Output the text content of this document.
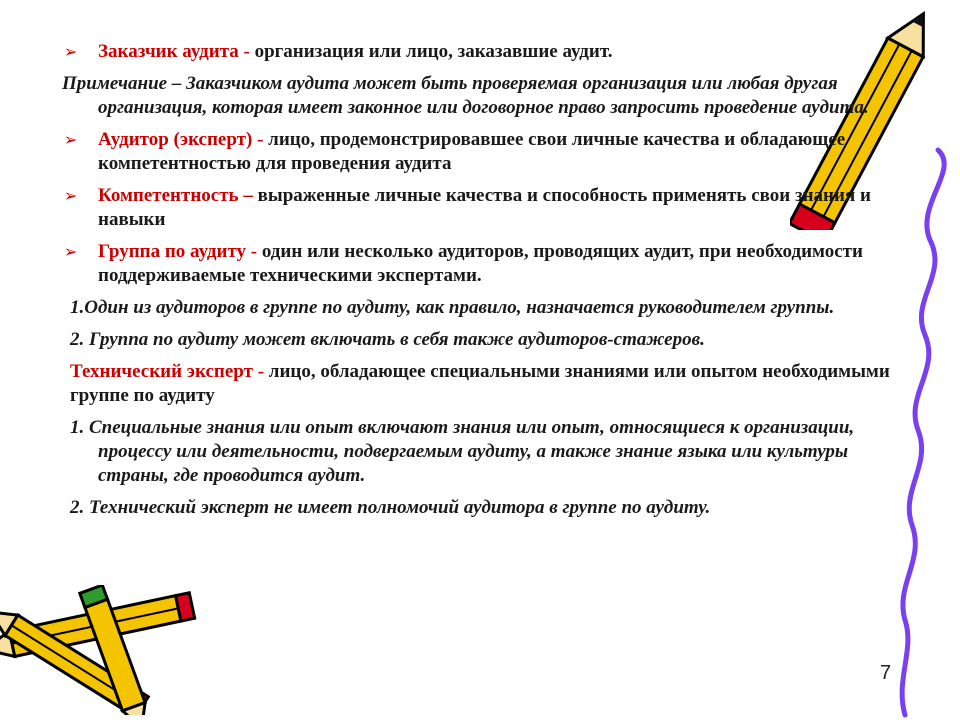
➢ Заказчик аудита - организация или лицо, заказавшие аудит.
Примечание – Заказчиком аудита может быть проверяемая организация или любая другая организация, которая имеет законное или договорное право запросить проведение аудита.
➢ Аудитор (эксперт) - лицо, продемонстрировавшее свои личные качества и обладающее компетентностью для проведения аудита
➢ Компетентность – выраженные личные качества и способность применять свои знания и навыки
➢ Группа по аудиту - один или несколько аудиторов, проводящих аудит, при необходимости поддерживаемые техническими экспертами.
1.Один из аудиторов в группе по аудиту, как правило, назначается руководителем группы.
2. Группа по аудиту может включать в себя также аудиторов-стажеров.
Технический эксперт - лицо, обладающее специальными знаниями или опытом необходимыми группе по аудиту
1. Специальные знания или опыт включают знания или опыт, относящиеся к организации, процессу или деятельности, подвергаемым аудиту, а также знание языка или культуры страны, где проводится аудит.
2. Технический эксперт не имеет полномочий аудитора в группе по аудиту.
7
